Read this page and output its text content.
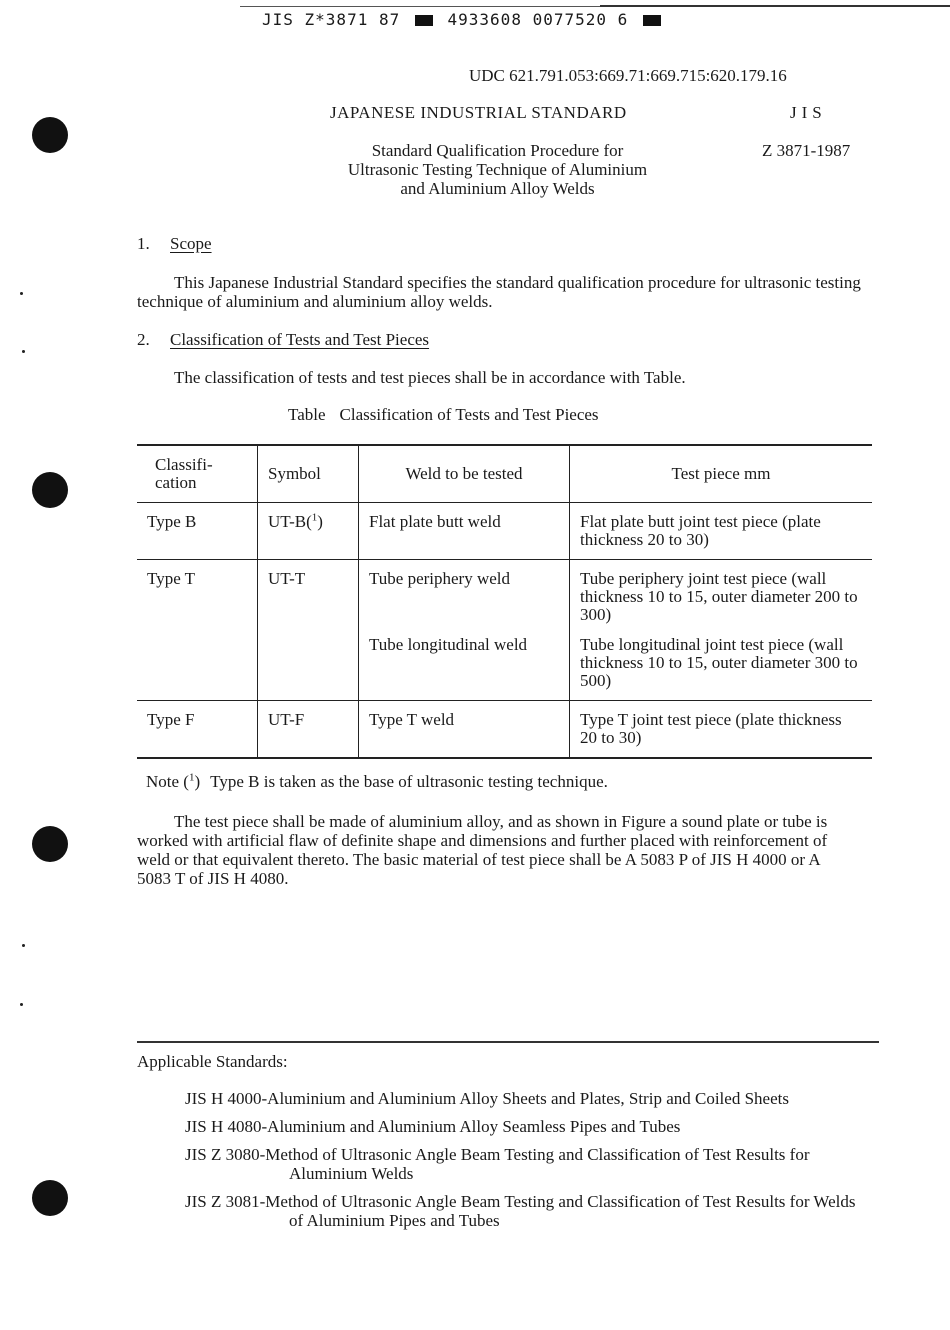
JIS Z*3871 87	4933608 0077520 6
UDC 621.791.053:669.71:669.715:620.179.16
JAPANESE INDUSTRIAL STANDARD	JIS
Standard Qualification Procedure for
Ultrasonic Testing Technique of Aluminium
and Aluminium Alloy Welds
Z 3871-1987
1. Scope
This Japanese Industrial Standard specifies the standard qualification procedure for ultrasonic testing technique of aluminium and aluminium alloy welds.
2. Classification of Tests and Test Pieces
The classification of tests and test pieces shall be in accordance with Table.
Table Classification of Tests and Test Pieces
Classifi-
cation	Symbol	Weld to be tested	Test piece mm
Type B	UT-B($^1$)	Flat plate butt weld	Flat plate butt joint test piece (plate thickness 20 to 30)
Type T	UT-T	Tube periphery weld	Tube periphery joint test piece (wall thickness 10 to 15, outer diameter 200 to 300)
		Tube longitudinal weld	Tube longitudinal joint test piece (wall thickness 10 to 15, outer diameter 300 to 500)
Type F	UT-F	Type T weld	Type T joint test piece (plate thickness 20 to 30)
Note ($^1$) Type B is taken as the base of ultrasonic testing technique.
The test piece shall be made of aluminium alloy, and as shown in Figure a sound plate or tube is worked with artificial flaw of definite shape and dimensions and further placed with reinforcement of weld or that equivalent thereto. The basic material of test piece shall be A 5083 P of JIS H 4000 or A 5083 T of JIS H 4080.
Applicable Standards:
JIS H 4000-Aluminium and Aluminium Alloy Sheets and Plates, Strip and Coiled Sheets
JIS H 4080-Aluminium and Aluminium Alloy Seamless Pipes and Tubes
JIS Z 3080-Method of Ultrasonic Angle Beam Testing and Classification of Test Results for Aluminium Welds
JIS Z 3081-Method of Ultrasonic Angle Beam Testing and Classification of Test Results for Welds of Aluminium Pipes and Tubes
